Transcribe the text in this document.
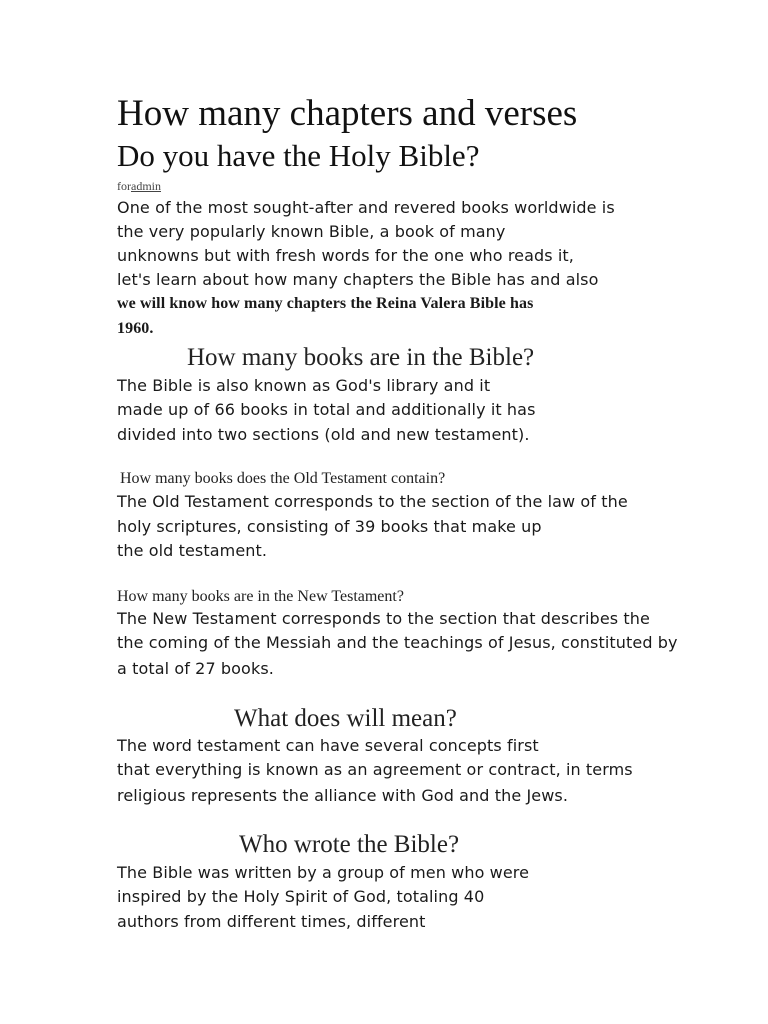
How many chapters and verses
Do you have the Holy Bible?
foradmin
One of the most sought-after and revered books worldwide is
the very popularly known Bible, a book of many
unknowns but with fresh words for the one who reads it,
let's learn about how many chapters the Bible has and also
we will know how many chapters the Reina Valera Bible has
1960.
How many books are in the Bible?
The Bible is also known as God's library and it
made up of 66 books in total and additionally it has
divided into two sections (old and new testament).
How many books does the Old Testament contain?
The Old Testament corresponds to the section of the law of the
holy scriptures, consisting of 39 books that make up
the old testament.
How many books are in the New Testament?
The New Testament corresponds to the section that describes the
the coming of the Messiah and the teachings of Jesus, constituted by
a total of 27 books.
What does will mean?
The word testament can have several concepts first
that everything is known as an agreement or contract, in terms
religious represents the alliance with God and the Jews.
Who wrote the Bible?
The Bible was written by a group of men who were
inspired by the Holy Spirit of God, totaling 40
authors from different times, different
